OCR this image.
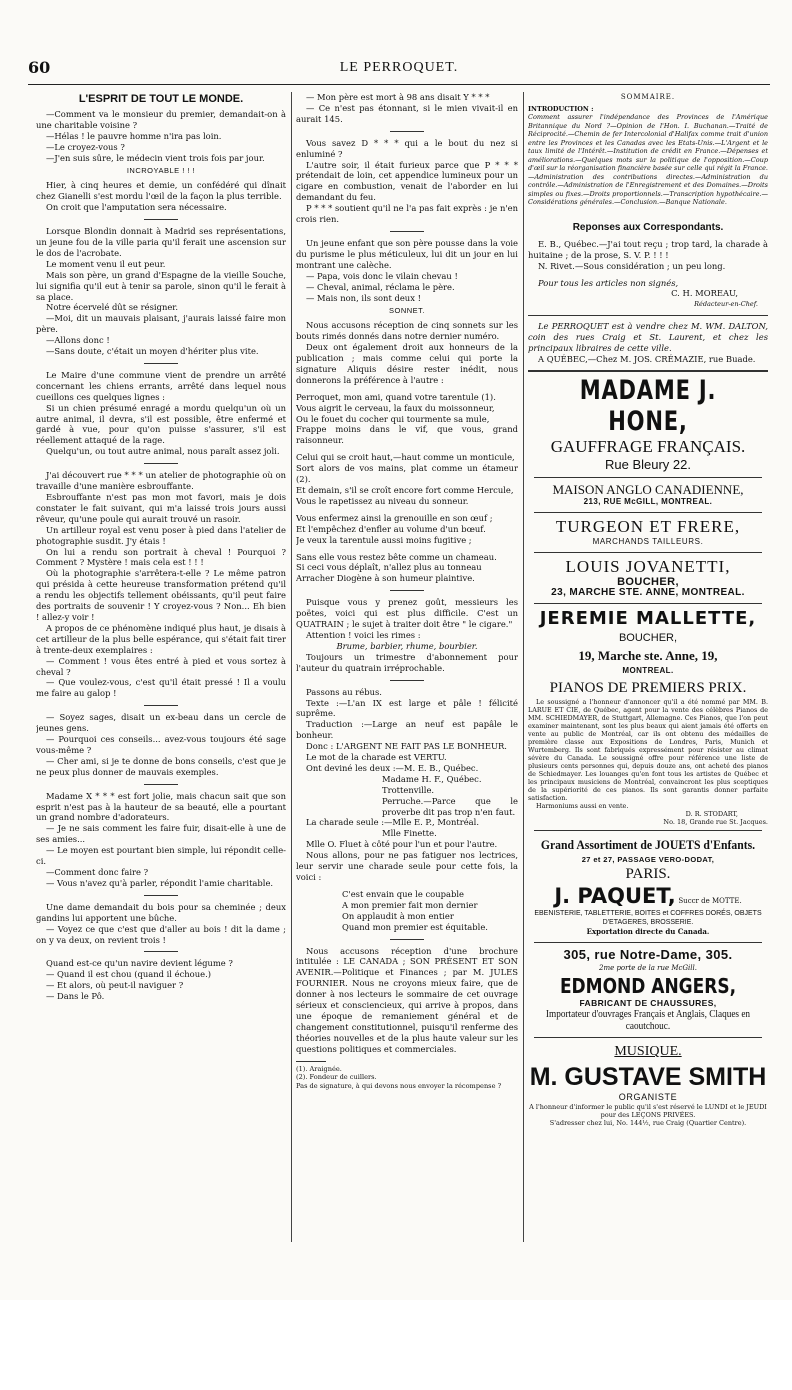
60	LE PERROQUET.
L'ESPRIT DE TOUT LE MONDE.

—Comment va le monsieur du premier, demandait-on à une charitable voisine ?

—Hélas ! le pauvre homme n'ira pas loin.

—Le croyez-vous ?

—J'en suis sûre, le médecin vient trois fois par jour.

INCROYABLE ! ! !

Hier, à cinq heures et demie, un confédéré qui dînait chez Gianelli s'est mordu l'œil de la façon la plus terrible.

On croit que l'amputation sera nécessaire.

Lorsque Blondin donnait à Madrid ses représentations, un jeune fou de la ville paria qu'il ferait une ascension sur le dos de l'acrobate.

Le moment venu il eut peur.

Mais son père, un grand d'Espagne de la vieille Souche, lui signifia qu'il eut à tenir sa parole, sinon qu'il le ferait à sa place.

Notre écervelé dût se résigner.

—Moi, dit un mauvais plaisant, j'aurais laissé faire mon père.

—Allons donc !

—Sans doute, c'était un moyen d'hériter plus vite.

Le Maire d'une commune vient de prendre un arrêté concernant les chiens errants, arrêté dans lequel nous cueillons ces quelques lignes :

Si un chien présumé enragé a mordu quelqu'un où un autre animal, il devra, s'il est possible, être enfermé et gardé à vue, pour qu'on puisse s'assurer, s'il est réellement attaqué de la rage.

Quelqu'un, ou tout autre animal, nous paraît assez joli.

J'ai découvert rue * * * un atelier de photographie où on travaille d'une manière esbrouffante.

Esbrouffante n'est pas mon mot favori, mais je dois constater le fait suivant, qui m'a laissé trois jours aussi rêveur, qu'une poule qui aurait trouvé un rasoir.

Un artilleur royal est venu poser à pied dans l'atelier de photographie susdit. J'y étais !

On lui a rendu son portrait à cheval ! Pourquoi ? Comment ? Mystère ! mais cela est ! ! !

Où la photographie s'arrêtera-t-elle ? Le même patron qui présida à cette heureuse transformation prétend qu'il a rendu les objectifs tellement obéissants, qu'il peut faire des portraits de souvenir ! Y croyez-vous ? Non... Eh bien ! allez-y voir !

A propos de ce phénomène indiqué plus haut, je disais à cet artilleur de la plus belle espérance, qui s'était fait tirer à trente-deux exemplaires :

— Comment ! vous êtes entré à pied et vous sortez à cheval ?

— Que voulez-vous, c'est qu'il était pressé ! Il a voulu me faire au galop !

— Soyez sages, disait un ex-beau dans un cercle de jeunes gens.

— Pourquoi ces conseils... avez-vous toujours été sage vous-même ?

— Cher ami, si je te donne de bons conseils, c'est que je ne peux plus donner de mauvais exemples.

Madame X * * * est fort jolie, mais chacun sait que son esprit n'est pas à la hauteur de sa beauté, elle a pourtant un grand nombre d'adorateurs.

— Je ne sais comment les faire fuir, disait-elle à une de ses amies...

— Le moyen est pourtant bien simple, lui répondit celle-ci.

—Comment donc faire ?

— Vous n'avez qu'à parler, répondit l'amie charitable.

Une dame demandait du bois pour sa cheminée ; deux gandins lui apportent une bûche.

— Voyez ce que c'est que d'aller au bois ! dit la dame ; on y va deux, on revient trois !

Quand est-ce qu'un navire devient légume ?

— Quand il est chou (quand il échoue.)

— Et alors, où peut-il naviguer ?

— Dans le Pô.

— Mon père est mort à 98 ans disait Y * * *

— Ce n'est pas étonnant, si le mien vivait-il en aurait 145.

Vous savez D * * * qui a le bout du nez si enluminé ?

L'autre soir, il était furieux parce que P * * * prétendait de loin, cet appendice lumineux pour un cigare en combustion, venait de l'aborder en lui demandant du feu.

P * * * soutient qu'il ne l'a pas fait exprès : je n'en crois rien.

Un jeune enfant que son père pousse dans la voie du purisme le plus méticuleux, lui dit un jour en lui montrant une calèche.

— Papa, vois donc le vilain chevau !

— Cheval, animal, réclama le père.

— Mais non, ils sont deux !

SONNET.

Nous accusons réception de cinq sonnets sur les bouts rimés donnés dans notre dernier numéro.

Deux ont également droit aux honneurs de la publication ; mais comme celui qui porte la signature Aliquis désire rester inédit, nous donnerons la préférence à l'autre :

Perroquet, mon ami, quand votre tarentule (1).

Vous aigrit le cerveau, la faux du moissonneur,

Ou le fouet du cocher qui tourmente sa mule,

Frappe moins dans le vif, que vous, grand raisonneur.

Celui qui se croit haut,—haut comme un monticule,

Sort alors de vos mains, plat comme un étameur (2).

Et demain, s'il se croît encore fort comme Hercule,

Vous le rapetissez au niveau du sonneur.

Vous enfermez ainsi la grenouille en son œuf ;

Et l'empêchez d'enfler au volume d'un bœuf.

Je veux la tarentule aussi moins fugitive ;

Sans elle vous restez bête comme un chameau.

Si ceci vous déplaît, n'allez plus au tonneau

Arracher Diogène à son humeur plaintive.

Puisque vous y prenez goût, messieurs les poëtes, voici qui est plus difficile. C'est un QUATRAIN ; le sujet à traiter doit être " le cigare."

Attention ! voici les rimes :

Brume, barbier, rhume, bourbier.

Toujours un trimestre d'abonnement pour l'auteur du quatrain irréprochable.

Passons au rébus.

Texte :—L'an IX est large et pâle ! félicité suprême.

Traduction :—Large an neuf est papâle le bonheur.

Donc : L'ARGENT NE FAIT PAS LE BONHEUR.

Le mot de la charade est VERTU.

Ont deviné les deux :—M. E. B., Québec.

Madame H. F., Québec.

Trottenville.

Perruche.—Parce que le proverbe dit pas trop n'en faut.

La charade seule :—Mlle E. P., Montréal.

Mlle Finette.

Mlle O. Fluet à côté pour l'un et pour l'autre.

Nous allons, pour ne pas fatiguer nos lectrices, leur servir une charade seule pour cette fois, la voici :

C'est envain que le coupable

A mon premier fait mon dernier

On applaudit à mon entier

Quand mon premier est équitable.

Nous accusons réception d'une brochure intitulée : LE CANADA ; SON PRÉSENT ET SON AVENIR.—Politique et Finances ; par M. JULES FOURNIER. Nous ne croyons mieux faire, que de donner à nos lecteurs le sommaire de cet ouvrage sérieux et consciencieux, qui arrive à propos, dans une époque de remaniement général et de changement constitutionnel, puisqu'il renferme des théories nouvelles et de la plus haute valeur sur les questions politiques et commerciales.

(1). Araignée.

(2). Fondeur de cuillers.

Pas de signature, à qui devons nous envoyer la récompense ?

SOMMAIRE.

INTRODUCTION :

Comment assurer l'indépendance des Provinces de l'Amérique Britannique du Nord ?—Opinion de l'Hon. I. Buchanan.—Traité de Réciprocité.—Chemin de fer Intercolonial d'Halifax comme trait d'union entre les Provinces et les Canadas avec les Etats-Unis.—L'Argent et le taux limité de l'Intérêt.—Institution de crédit en France.—Dépenses et améliorations.—Quelques mots sur la politique de l'opposition.—Coup d'œil sur la réorganisation financière basée sur celle qui régit la France.—Administration des contributions directes.—Administration du contrôle.—Administration de l'Enregistrement et des Domaines.—Droits simples ou fixes.—Droits proportionnels.—Transcription hypothécaire.—Considérations générales.—Conclusion.—Banque Nationale.

Reponses aux Correspondants.

E. B., Québec.—J'ai tout reçu ; trop tard, la charade à huitaine ; de la prose, S. V. P. ! ! !

N. Rivet.—Sous considération ; un peu long.

Pour tous les articles non signés,

C. H. MOREAU,

Rédacteur-en-Chef.

Le PERROQUET est à vendre chez M. WM. DALTON, coin des rues Craig et St. Laurent, et chez les principaux libraires de cette ville.

A QUÉBEC,—Chez M. JOS. CRÉMAZIE, rue Buade.

MADAME J. HONE,
GAUFFRAGE FRANÇAIS.
Rue Bleury 22.
MAISON ANGLO CANADIENNE,
213, RUE McGILL, MONTREAL.
TURGEON ET FRERE,
MARCHANDS TAILLEURS.
LOUIS JOVANETTI,
BOUCHER,
23, MARCHE STE. ANNE, MONTREAL.
JEREMIE MALLETTE,
BOUCHER,
19, Marche ste. Anne, 19,
MONTREAL.
PIANOS DE PREMIERS PRIX.

Le soussigné a l'honneur d'annoncer qu'il a été nommé par MM. B. LARUE ET CIE, de Québec, agent pour la vente des célèbres Pianos de MM. SCHIEDMAYER, de Stuttgart, Allemagne. Ces Pianos, que l'on peut examiner maintenant, sont les plus beaux qui aient jamais été offerts en vente au public de Montréal, car ils ont obtenu des médailles de première classe aux Expositions de Londres, Paris, Munich et Wurtemberg. Ils sont fabriqués expressément pour résister au climat sévère du Canada. Le soussigné offre pour référence une liste de plusieurs cents personnes qui, depuis douze ans, ont acheté des pianos de Schiedmayer. Les louanges qu'en font tous les artistes de Québec et les principaux musiciens de Montréal, convaincront les plus sceptiques de la supériorité de ces pianos. Ils sont garantis donner parfaite satisfaction.

Harmoniums aussi en vente.

D. R. STODART,

No. 18, Grande rue St. Jacques.

Grand Assortiment de JOUETS d'Enfants.
27 et 27, PASSAGE VERO-DODAT,
PARIS.
J. PAQUET, Succr de MOTTE.
EBENISTERIE, TABLETTERIE, BOITES et COFFRES DORÉS, OBJETS D'ETAGERES, BROSSERIE.
Exportation directe du Canada.
305, rue Notre-Dame, 305.
2me porte de la rue McGill.
EDMOND ANGERS,
FABRICANT DE CHAUSSURES,
Importateur d'ouvrages Français et Anglais, Claques en caoutchouc.
MUSIQUE.
M. GUSTAVE SMITH
ORGANISTE
A l'honneur d'informer le public qu'il s'est réservé le LUNDI et le JEUDI pour des LEÇONS PRIVÉES.
S'adresser chez lui, No. 144½, rue Craig (Quartier Centre).
